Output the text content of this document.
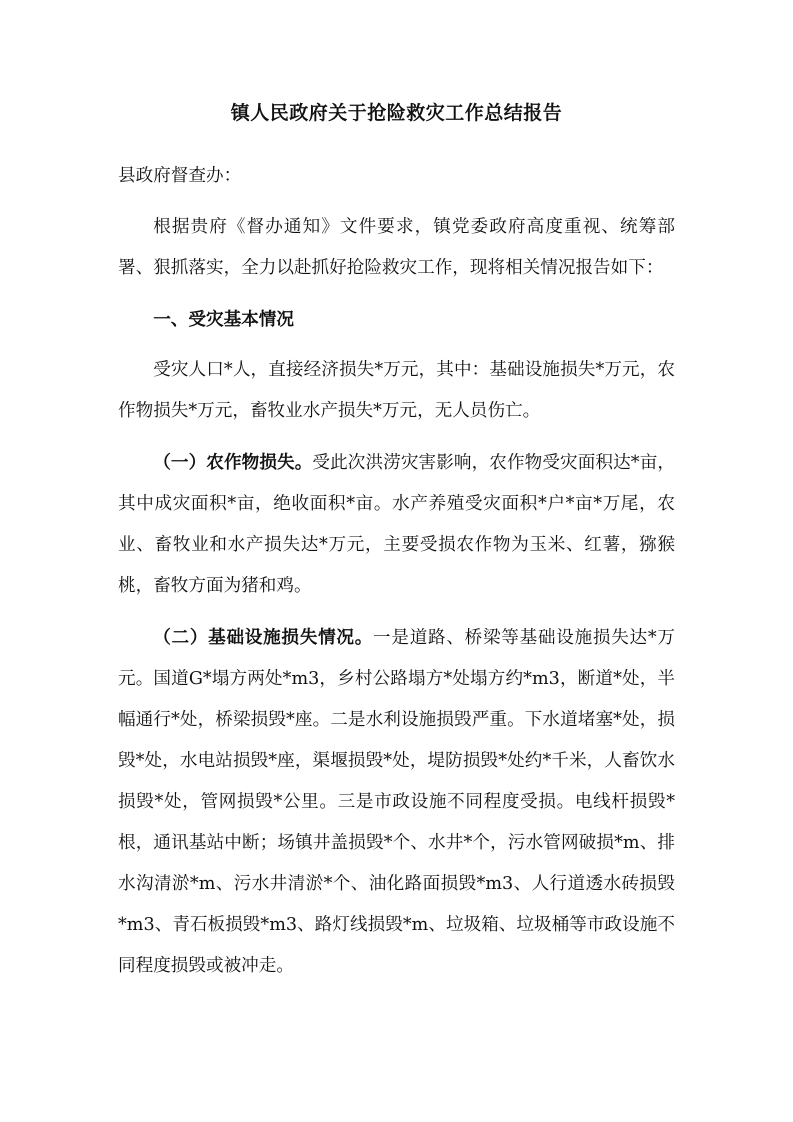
镇人民政府关于抢险救灾工作总结报告

县政府督查办：

根据贵府《督办通知》文件要求，镇党委政府高度重视、统筹部署、狠抓落实，全力以赴抓好抢险救灾工作，现将相关情况报告如下：

一、受灾基本情况

受灾人口*人，直接经济损失*万元，其中：基础设施损失*万元，农作物损失*万元，畜牧业水产损失*万元，无人员伤亡。

（一）农作物损失。受此次洪涝灾害影响，农作物受灾面积达*亩，其中成灾面积*亩，绝收面积*亩。水产养殖受灾面积*户*亩*万尾，农业、畜牧业和水产损失达*万元，主要受损农作物为玉米、红薯，猕猴桃，畜牧方面为猪和鸡。

（二）基础设施损失情况。一是道路、桥梁等基础设施损失达*万元。国道G*塌方两处*m3，乡村公路塌方*处塌方约*m3，断道*处，半幅通行*处，桥梁损毁*座。二是水利设施损毁严重。下水道堵塞*处，损毁*处，水电站损毁*座，渠堰损毁*处，堤防损毁*处约*千米，人畜饮水损毁*处，管网损毁*公里。三是市政设施不同程度受损。电线杆损毁*根，通讯基站中断；场镇井盖损毁*个、水井*个，污水管网破损*m、排水沟清淤*m、污水井清淤*个、油化路面损毁*m3、人行道透水砖损毁*m3、青石板损毁*m3、路灯线损毁*m、垃圾箱、垃圾桶等市政设施不同程度损毁或被冲走。
